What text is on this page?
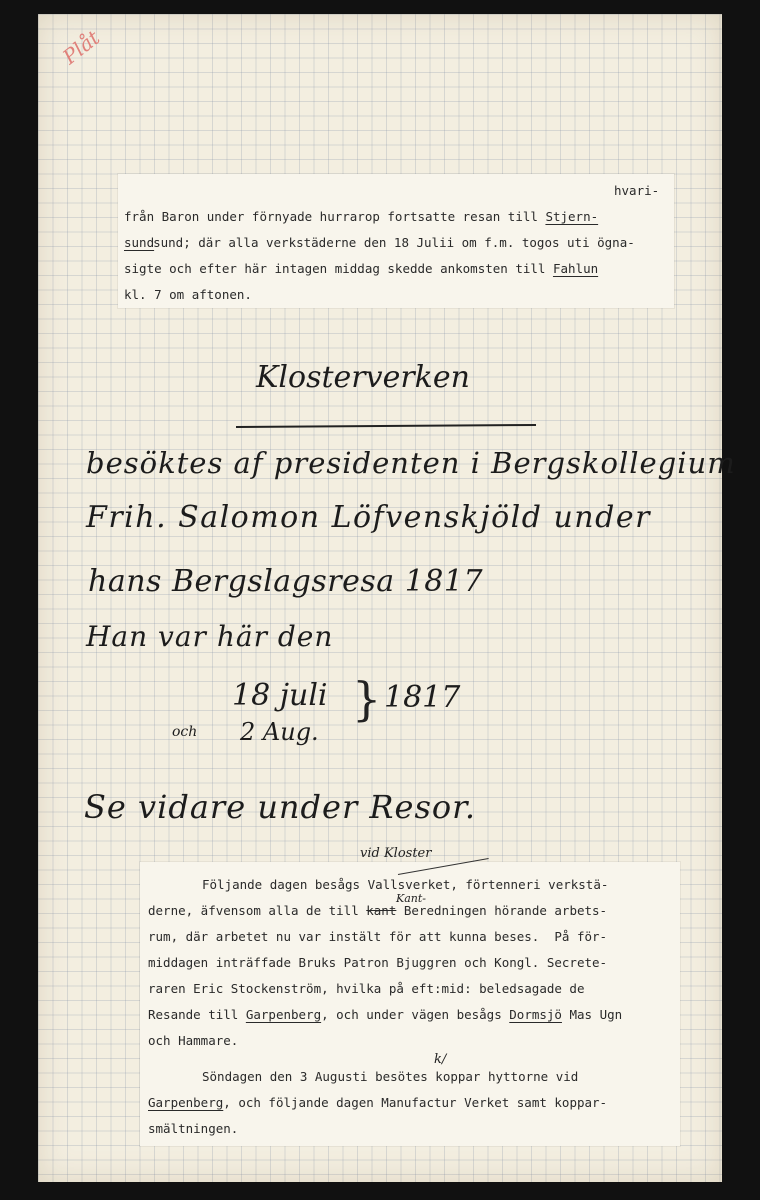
Plåt
hvari-
från Baron under förnyade hurrarop fortsatte resan till Stjern-
sundsund; där alla verkstäderne den 18 Julii om f.m. togos uti ögna-
sigte och efter här intagen middag skedde ankomsten till Fahlun
kl. 7 om aftonen.
Klosterverken
besöktes af presidenten i Bergskollegium
Frih. Salomon Löfvenskjöld under
hans Bergslagsresa 1817
Han var här den
18 juli } 1817
och 2 Aug.
Se vidare under Resor.
Följande dagen besågs Vallsverket, förtenneri verkstä-
derne, äfvensom alla de till kant Beredningen hörande arbets-
rum, där arbetet nu var instält för att kunna beses.  På för-
middagen inträffade Bruks Patron Bjuggren och Kongl. Secrete-
raren Eric Stockenström, hvilka på eft:mid: beledsagade de
Resande till Garpenberg, och under vägen besågs Dormsjö Mas Ugn
och Hammare.
Söndagen den 3 Augusti besötes koppar hyttorne vid
Garpenberg, och följande dagen Manufactur Verket samt koppar-
smältningen.
vid Kloster
Kant-
k/
